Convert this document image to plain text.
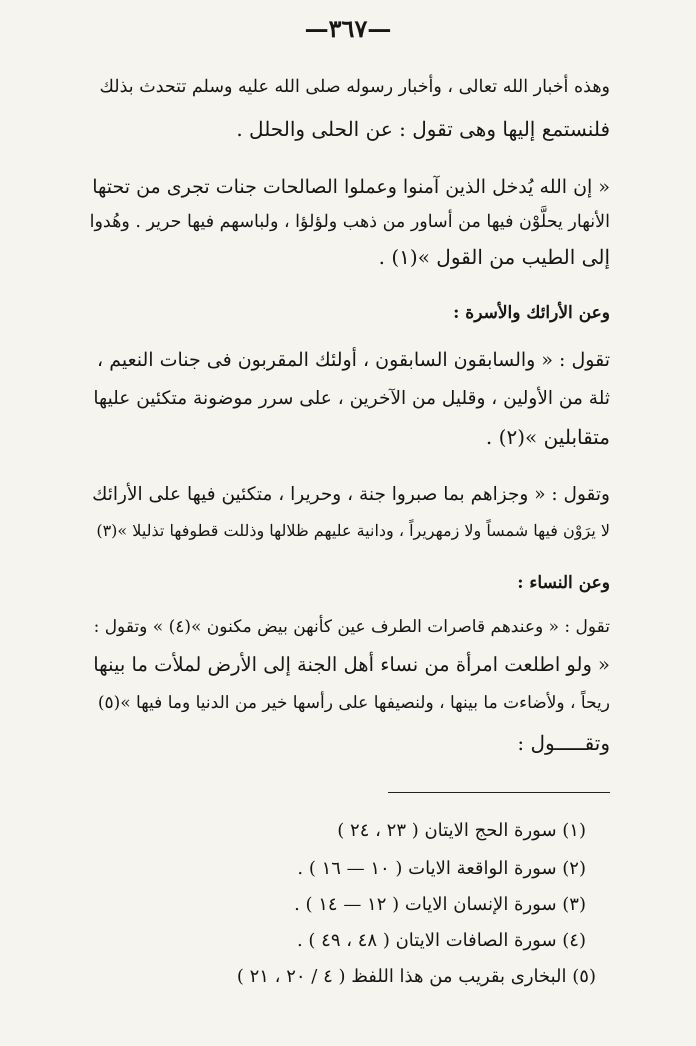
—٣٦٧—
وهذه أخبار الله تعالى ، وأخبار رسوله صلى الله عليه وسلم تتحدث بذلك
فلنستمع إليها وهى تقول : عن الحلى والحلل .
« إن الله يُدخل الذين آمنوا وعملوا الصالحات جنات تجرى من تحتها
الأنهار يحلَّوْن فيها من أساور من ذهب ولؤلؤا ، ولباسهم فيها حرير . وهُدوا
إلى الطيب من القول »(١) .
وعن الأرائك والأسرة :
تقول : « والسابقون السابقون ، أولئك المقربون فى جنات النعيم ،
ثلة من الأولين ، وقليل من الآخرين ، على سرر موضونة متكئين عليها
متقابلين »(٢) .
وتقول : « وجزاهم بما صبروا جنة ، وحريرا ، متكئين فيها على الأرائك
لا يرَوْن فيها شمساً ولا زمهريراً ، ودانية عليهم ظلالها وذللت قطوفها تذليلا »(٣)
وعن النساء :
تقول : « وعندهم قاصرات الطرف عين كأنهن بيض مكنون »(٤) » وتقول :
« ولو اطلعت امرأة من نساء أهل الجنة إلى الأرض لملأت ما بينها
ريحاً ، ولأضاءت ما بينها ، ولنصيفها على رأسها خير من الدنيا وما فيها »(٥)
وتقـــــول :
(١) سورة الحج الايتان ( ٢٣ ، ٢٤ )
(٢) سورة الواقعة الايات ( ١٠ — ١٦ ) .
(٣) سورة الإنسان الايات ( ١٢ — ١٤ ) .
(٤) سورة الصافات الايتان ( ٤٨ ، ٤٩ ) .
(٥) البخارى بقريب من هذا اللفظ ( ٤ / ٢٠ ، ٢١ )
